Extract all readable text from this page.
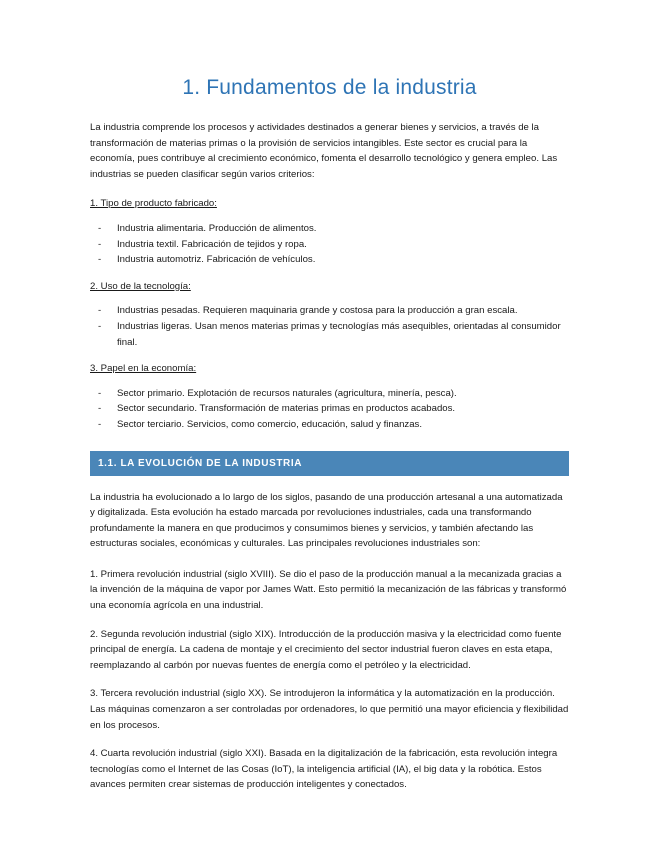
1. Fundamentos de la industria

La industria comprende los procesos y actividades destinados a generar bienes y servicios, a través de la transformación de materias primas o la provisión de servicios intangibles. Este sector es crucial para la economía, pues contribuye al crecimiento económico, fomenta el desarrollo tecnológico y genera empleo. Las industrias se pueden clasificar según varios criterios:

1. Tipo de producto fabricado:

- Industria alimentaria. Producción de alimentos.
- Industria textil. Fabricación de tejidos y ropa.
- Industria automotriz. Fabricación de vehículos.

2. Uso de la tecnología:

- Industrias pesadas. Requieren maquinaria grande y costosa para la producción a gran escala.
- Industrias ligeras. Usan menos materias primas y tecnologías más asequibles, orientadas al consumidor final.

3. Papel en la economía:

- Sector primario. Explotación de recursos naturales (agricultura, minería, pesca).
- Sector secundario. Transformación de materias primas en productos acabados.
- Sector terciario. Servicios, como comercio, educación, salud y finanzas.
1.1. LA EVOLUCIÓN DE LA INDUSTRIA

La industria ha evolucionado a lo largo de los siglos, pasando de una producción artesanal a una automatizada y digitalizada. Esta evolución ha estado marcada por revoluciones industriales, cada una transformando profundamente la manera en que producimos y consumimos bienes y servicios, y también afectando las estructuras sociales, económicas y culturales. Las principales revoluciones industriales son:

1. Primera revolución industrial (siglo XVIII). Se dio el paso de la producción manual a la mecanizada gracias a la invención de la máquina de vapor por James Watt. Esto permitió la mecanización de las fábricas y transformó una economía agrícola en una industrial.

2. Segunda revolución industrial (siglo XIX). Introducción de la producción masiva y la electricidad como fuente principal de energía. La cadena de montaje y el crecimiento del sector industrial fueron claves en esta etapa, reemplazando al carbón por nuevas fuentes de energía como el petróleo y la electricidad.

3. Tercera revolución industrial (siglo XX). Se introdujeron la informática y la automatización en la producción. Las máquinas comenzaron a ser controladas por ordenadores, lo que permitió una mayor eficiencia y flexibilidad en los procesos.

4. Cuarta revolución industrial (siglo XXI). Basada en la digitalización de la fabricación, esta revolución integra tecnologías como el Internet de las Cosas (IoT), la inteligencia artificial (IA), el big data y la robótica. Estos avances permiten crear sistemas de producción inteligentes y conectados.
